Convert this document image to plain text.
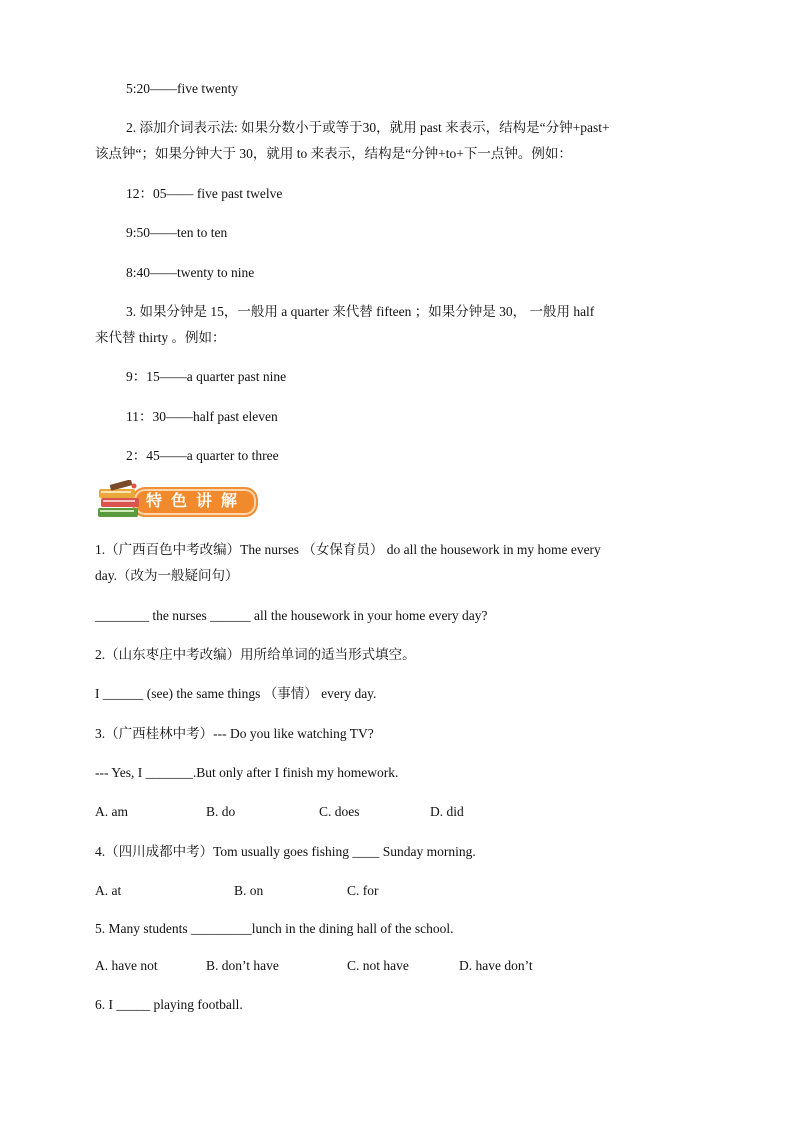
5:20——five twenty
2. 添加介词表示法: 如果分数小于或等于30，就用 past 来表示，结构是“分钟+past+
该点钟“；如果分钟大于 30，就用 to 来表示，结构是“分钟+to+下一点钟。例如：
12：05—— five past twelve
9:50——ten to ten
8:40——twenty to nine
3. 如果分钟是 15，一般用 a quarter 来代替 fifteen ；如果分钟是 30， 一般用 half
来代替 thirty 。例如：
9：15——a quarter past nine
11：30——half past eleven
2：45——a quarter to three
特色讲解
1.（广西百色中考改编）The nurses （女保育员） do all the housework in my home every
day.（改为一般疑问句）
________ the nurses ______ all the housework in your home every day?
2.（山东枣庄中考改编）用所给单词的适当形式填空。
I ______ (see) the same things （事情） every day.
3.（广西桂林中考）--- Do you like watching TV?
--- Yes, I _______.But only after I finish my homework.
A. am	B. do	C. does	D. did
4.（四川成都中考）Tom usually goes fishing ____ Sunday morning.
A. at	B. on	C. for
5. Many students _________lunch in the dining hall of the school.
A. have not	B. don’t have	C. not have	D. have don’t
6. I _____ playing football.
